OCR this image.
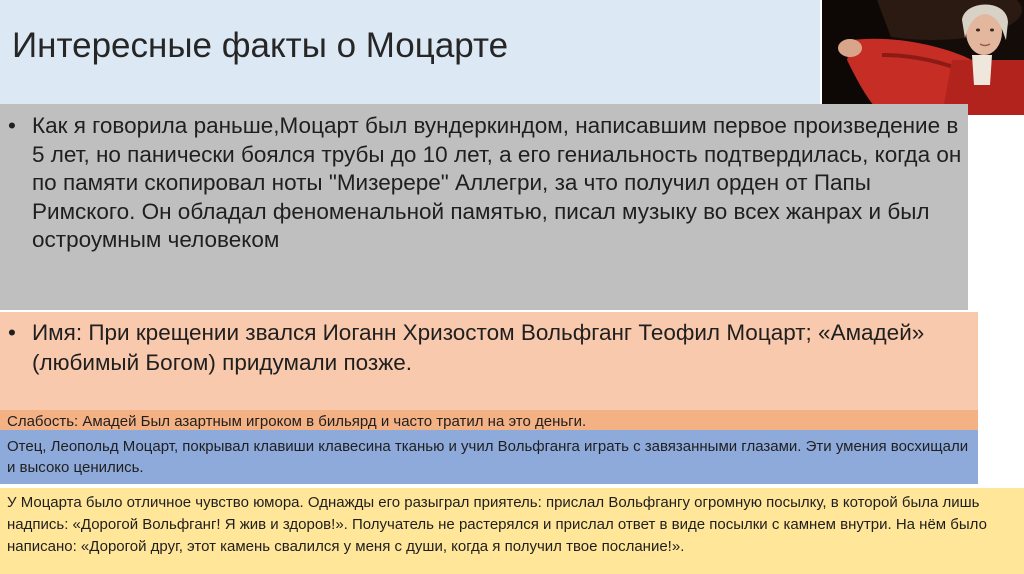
Интересные факты о Моцарте
• Как я говорила раньше,Моцарт был вундеркиндом, написавшим первое произведение в 5 лет, но панически боялся трубы до 10 лет, а его гениальность подтвердилась, когда он по памяти скопировал ноты "Мизерере" Аллегри, за что получил орден от Папы Римского. Он обладал феноменальной памятью, писал музыку во всех жанрах и был остроумным человеком
• Имя: При крещении звался Иоганн Хризостом Вольфганг Теофил Моцарт; «Амадей» (любимый Богом) придумали позже.
Слабость: Амадей Был азартным игроком в бильярд и часто тратил на это деньги.
Отец, Леопольд Моцарт, покрывал клавиши клавесина тканью и учил Вольфганга играть с завязанными глазами. Эти умения восхищали и высоко ценились.
У Моцарта было отличное чувство юмора. Однажды его разыграл приятель: прислал Вольфгангу огромную посылку, в которой была лишь надпись: «Дорогой Вольфганг! Я жив и здоров!». Получатель не растерялся и прислал ответ в виде посылки с камнем внутри. На нём было написано: «Дорогой друг, этот камень свалился у меня с души, когда я получил твое послание!».
